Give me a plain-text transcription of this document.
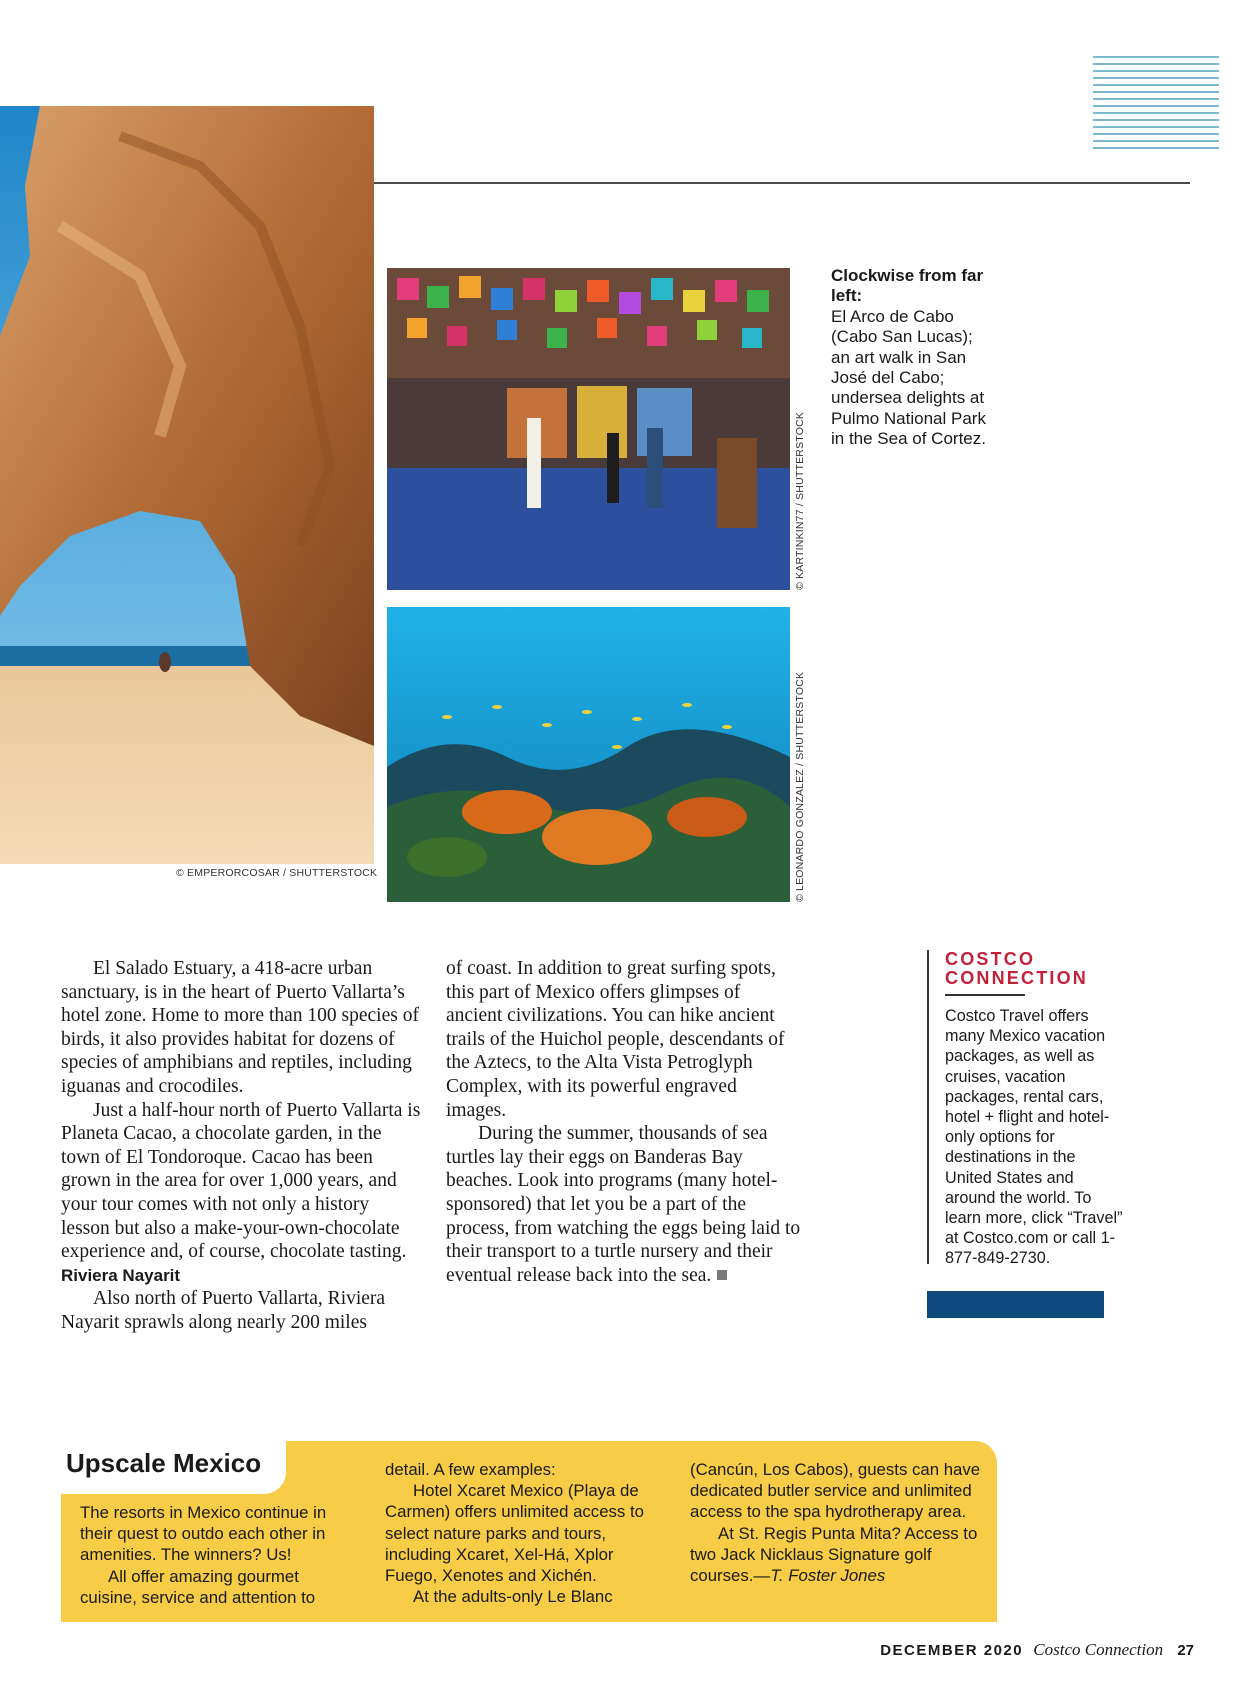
© EMPERORCOSAR / SHUTTERSTOCK
© KARTINKIN77 / SHUTTERSTOCK
© LEONARDO GONZALEZ / SHUTTERSTOCK
Clockwise from far left:
El Arco de Cabo (Cabo San Lucas); an art walk in San José del Cabo; undersea delights at Pulmo National Park in the Sea of Cortez.

El Salado Estuary, a 418-acre urban sanctuary, is in the heart of Puerto Vallarta’s hotel zone. Home to more than 100 species of birds, it also provides habitat for dozens of species of amphibians and reptiles, including iguanas and crocodiles.

Just a half-hour north of Puerto Vallarta is Planeta Cacao, a chocolate garden, in the town of El Tondoroque. Cacao has been grown in the area for over 1,000 years, and your tour comes with not only a history lesson but also a make-your-own-chocolate experience and, of course, chocolate tasting.

Riviera Nayarit

Also north of Puerto Vallarta, Riviera Nayarit sprawls along nearly 200 miles

of coast. In addition to great surfing spots, this part of Mexico offers glimpses of ancient civilizations. You can hike ancient trails of the Huichol people, descendants of the Aztecs, to the Alta Vista Petroglyph Complex, with its powerful engraved images.

During the summer, thousands of sea turtles lay their eggs on Banderas Bay beaches. Look into programs (many hotel-sponsored) that let you be a part of the process, from watching the eggs being laid to their transport to a turtle nursery and their eventual release back into the sea.

COSTCO
CONNECTION
Costco Travel offers many Mexico vacation packages, as well as cruises, vacation packages, rental cars, hotel + flight and hotel-only options for destinations in the United States and around the world. To learn more, click “Travel” at Costco.com or call 1-877-849-2730.
Upscale Mexico

The resorts in Mexico continue in their quest to outdo each other in amenities. The winners? Us!

All offer amazing gourmet cuisine, service and attention to

detail. A few examples:

Hotel Xcaret Mexico (Playa de Carmen) offers unlimited access to select nature parks and tours, including Xcaret, Xel-Há, Xplor Fuego, Xenotes and Xichén.

At the adults-only Le Blanc

(Cancún, Los Cabos), guests can have dedicated butler service and unlimited access to the spa hydrotherapy area.

At St. Regis Punta Mita? Access to two Jack Nicklaus Signature golf courses.—T. Foster Jones

DECEMBER 2020 Costco Connection 27
